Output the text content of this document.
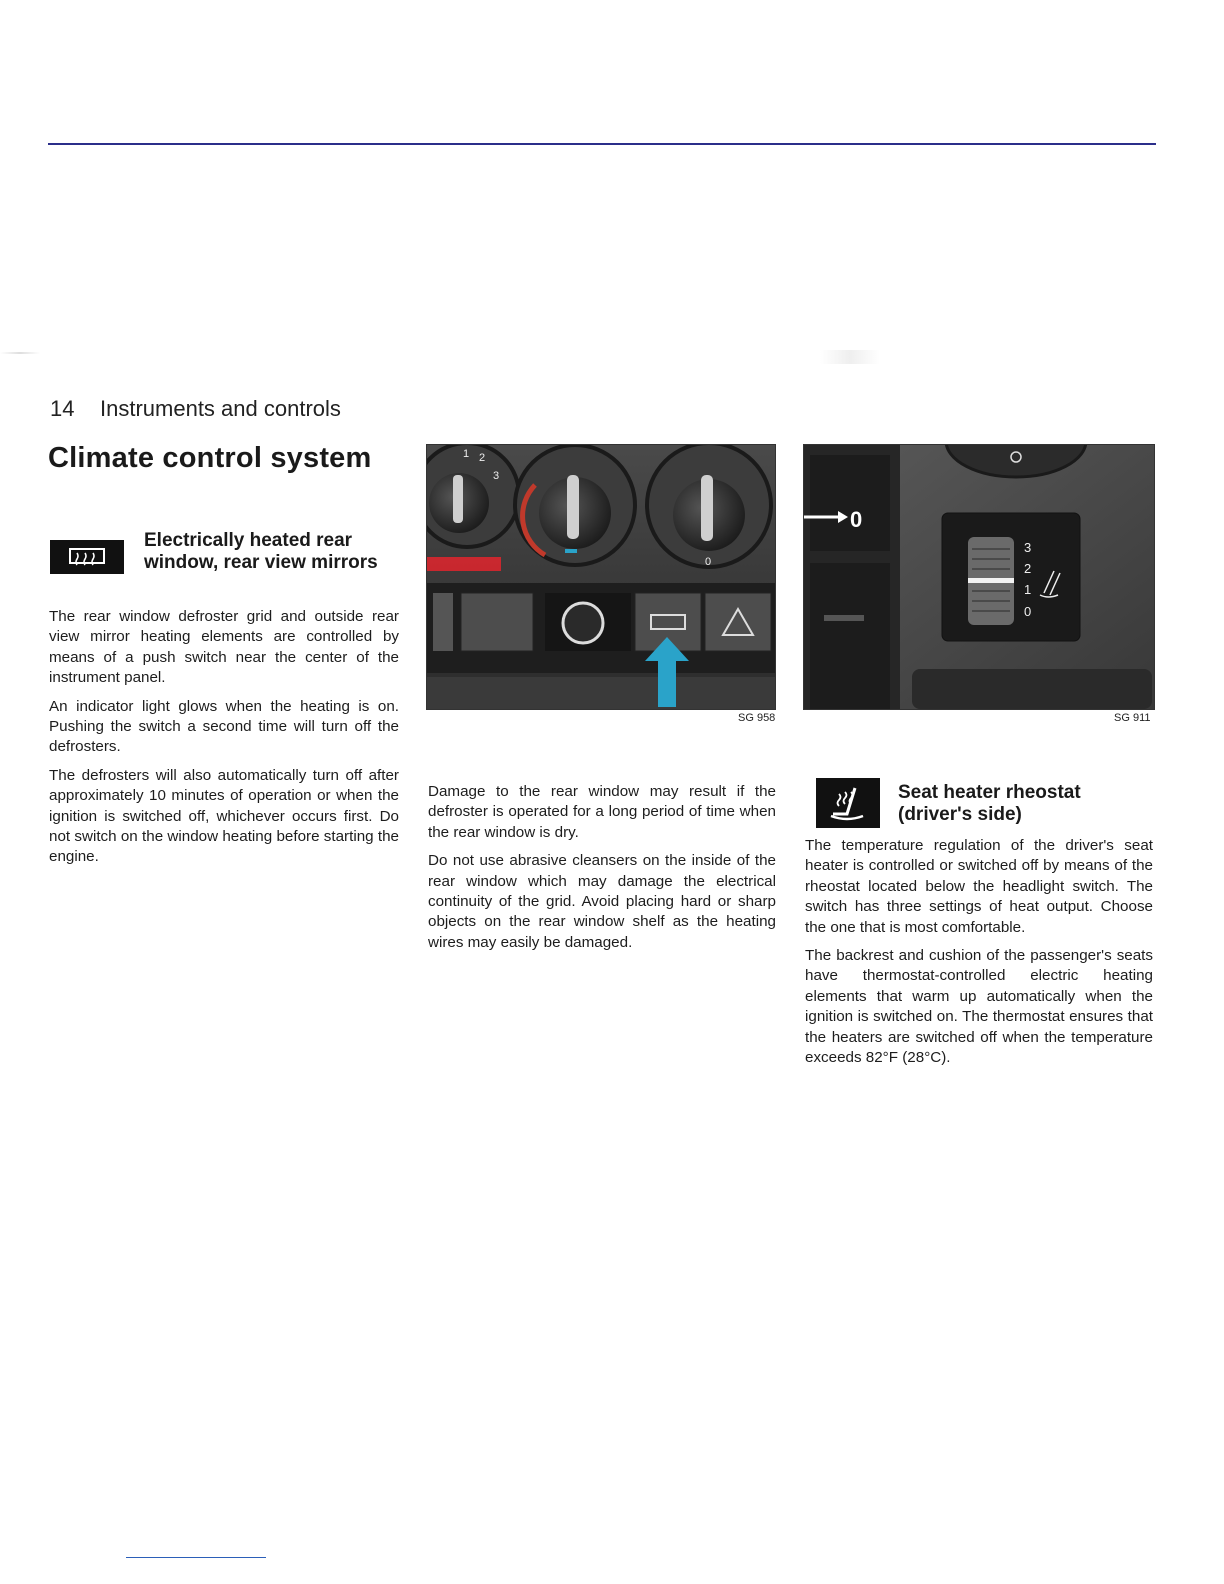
14 Instruments and controls
Climate control system
Electrically heated rear window, rear view mirrors

The rear window defroster grid and outside rear view mirror heating elements are controlled by means of a push switch near the center of the instrument panel.

An indicator light glows when the heating is on. Pushing the switch a second time will turn off the defrosters.

The defrosters will also automatically turn off after approximately 10 minutes of operation or when the ignition is switched off, whichever occurs first. Do not switch on the window heating before starting the engine.

1 2
3
0
SG 958

Damage to the rear window may result if the defroster is operated for a long period of time when the rear window is dry.

Do not use abrasive cleansers on the inside of the rear window which may damage the electrical continuity of the grid. Avoid placing hard or sharp objects on the rear window shelf as the heating wires may easily be damaged.

0
3
2
1
0
SG 911
Seat heater rheostat (driver's side)

The temperature regulation of the driver's seat heater is controlled or switched off by means of the rheostat located below the headlight switch. The switch has three settings of heat output. Choose the one that is most comfortable.

The backrest and cushion of the passenger's seats have thermostat-controlled electric heating elements that warm up automatically when the ignition is switched on. The thermostat ensures that the heaters are switched off when the temperature exceeds 82°F (28°C).
